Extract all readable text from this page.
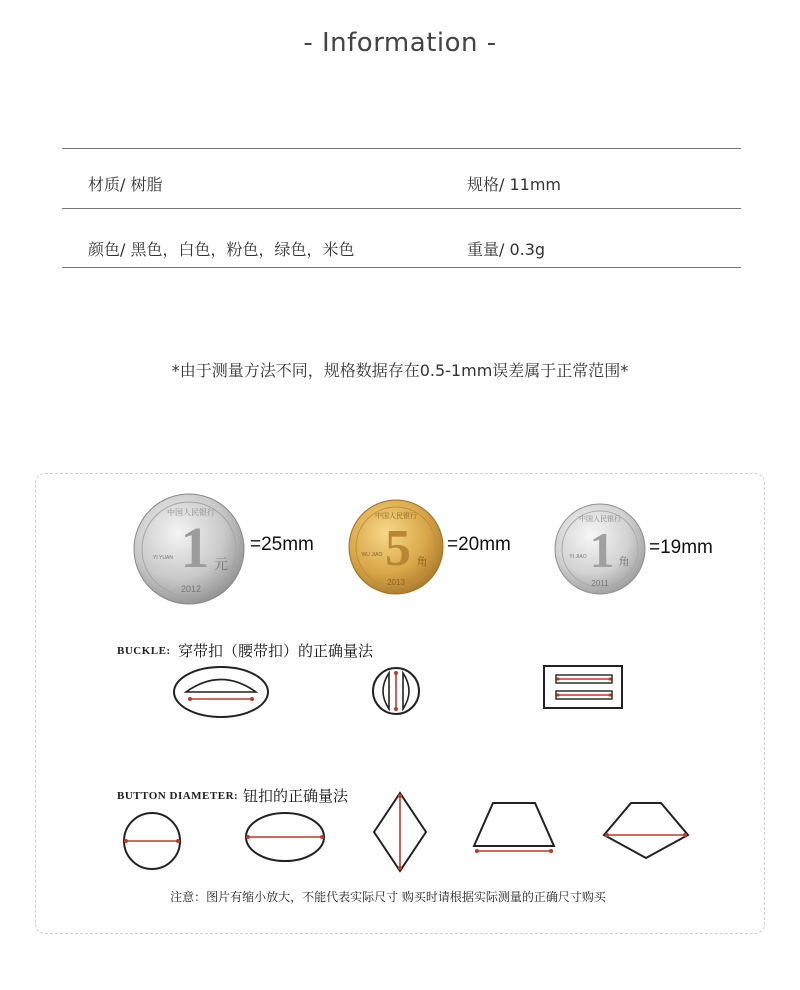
- Information -
材质/ 树脂	规格/ 11mm
颜色/ 黑色，白色，粉色，绿色，米色	重量/ 0.3g
*由于测量方法不同，规格数据存在0.5-1mm误差属于正常范围*
1 元
2012
中国人民银行
YI YUAN
=25mm 5 角
2013
中国人民银行
WU JIAO	=20mm 1 角
2011
中国人民银行
YI JIAO	=19mm
BUCKLE: 穿带扣（腰带扣）的正确量法
BUTTON DIAMETER: 钮扣的正确量法
注意：图片有缩小放大，不能代表实际尺寸 购买时请根据实际测量的正确尺寸购买
